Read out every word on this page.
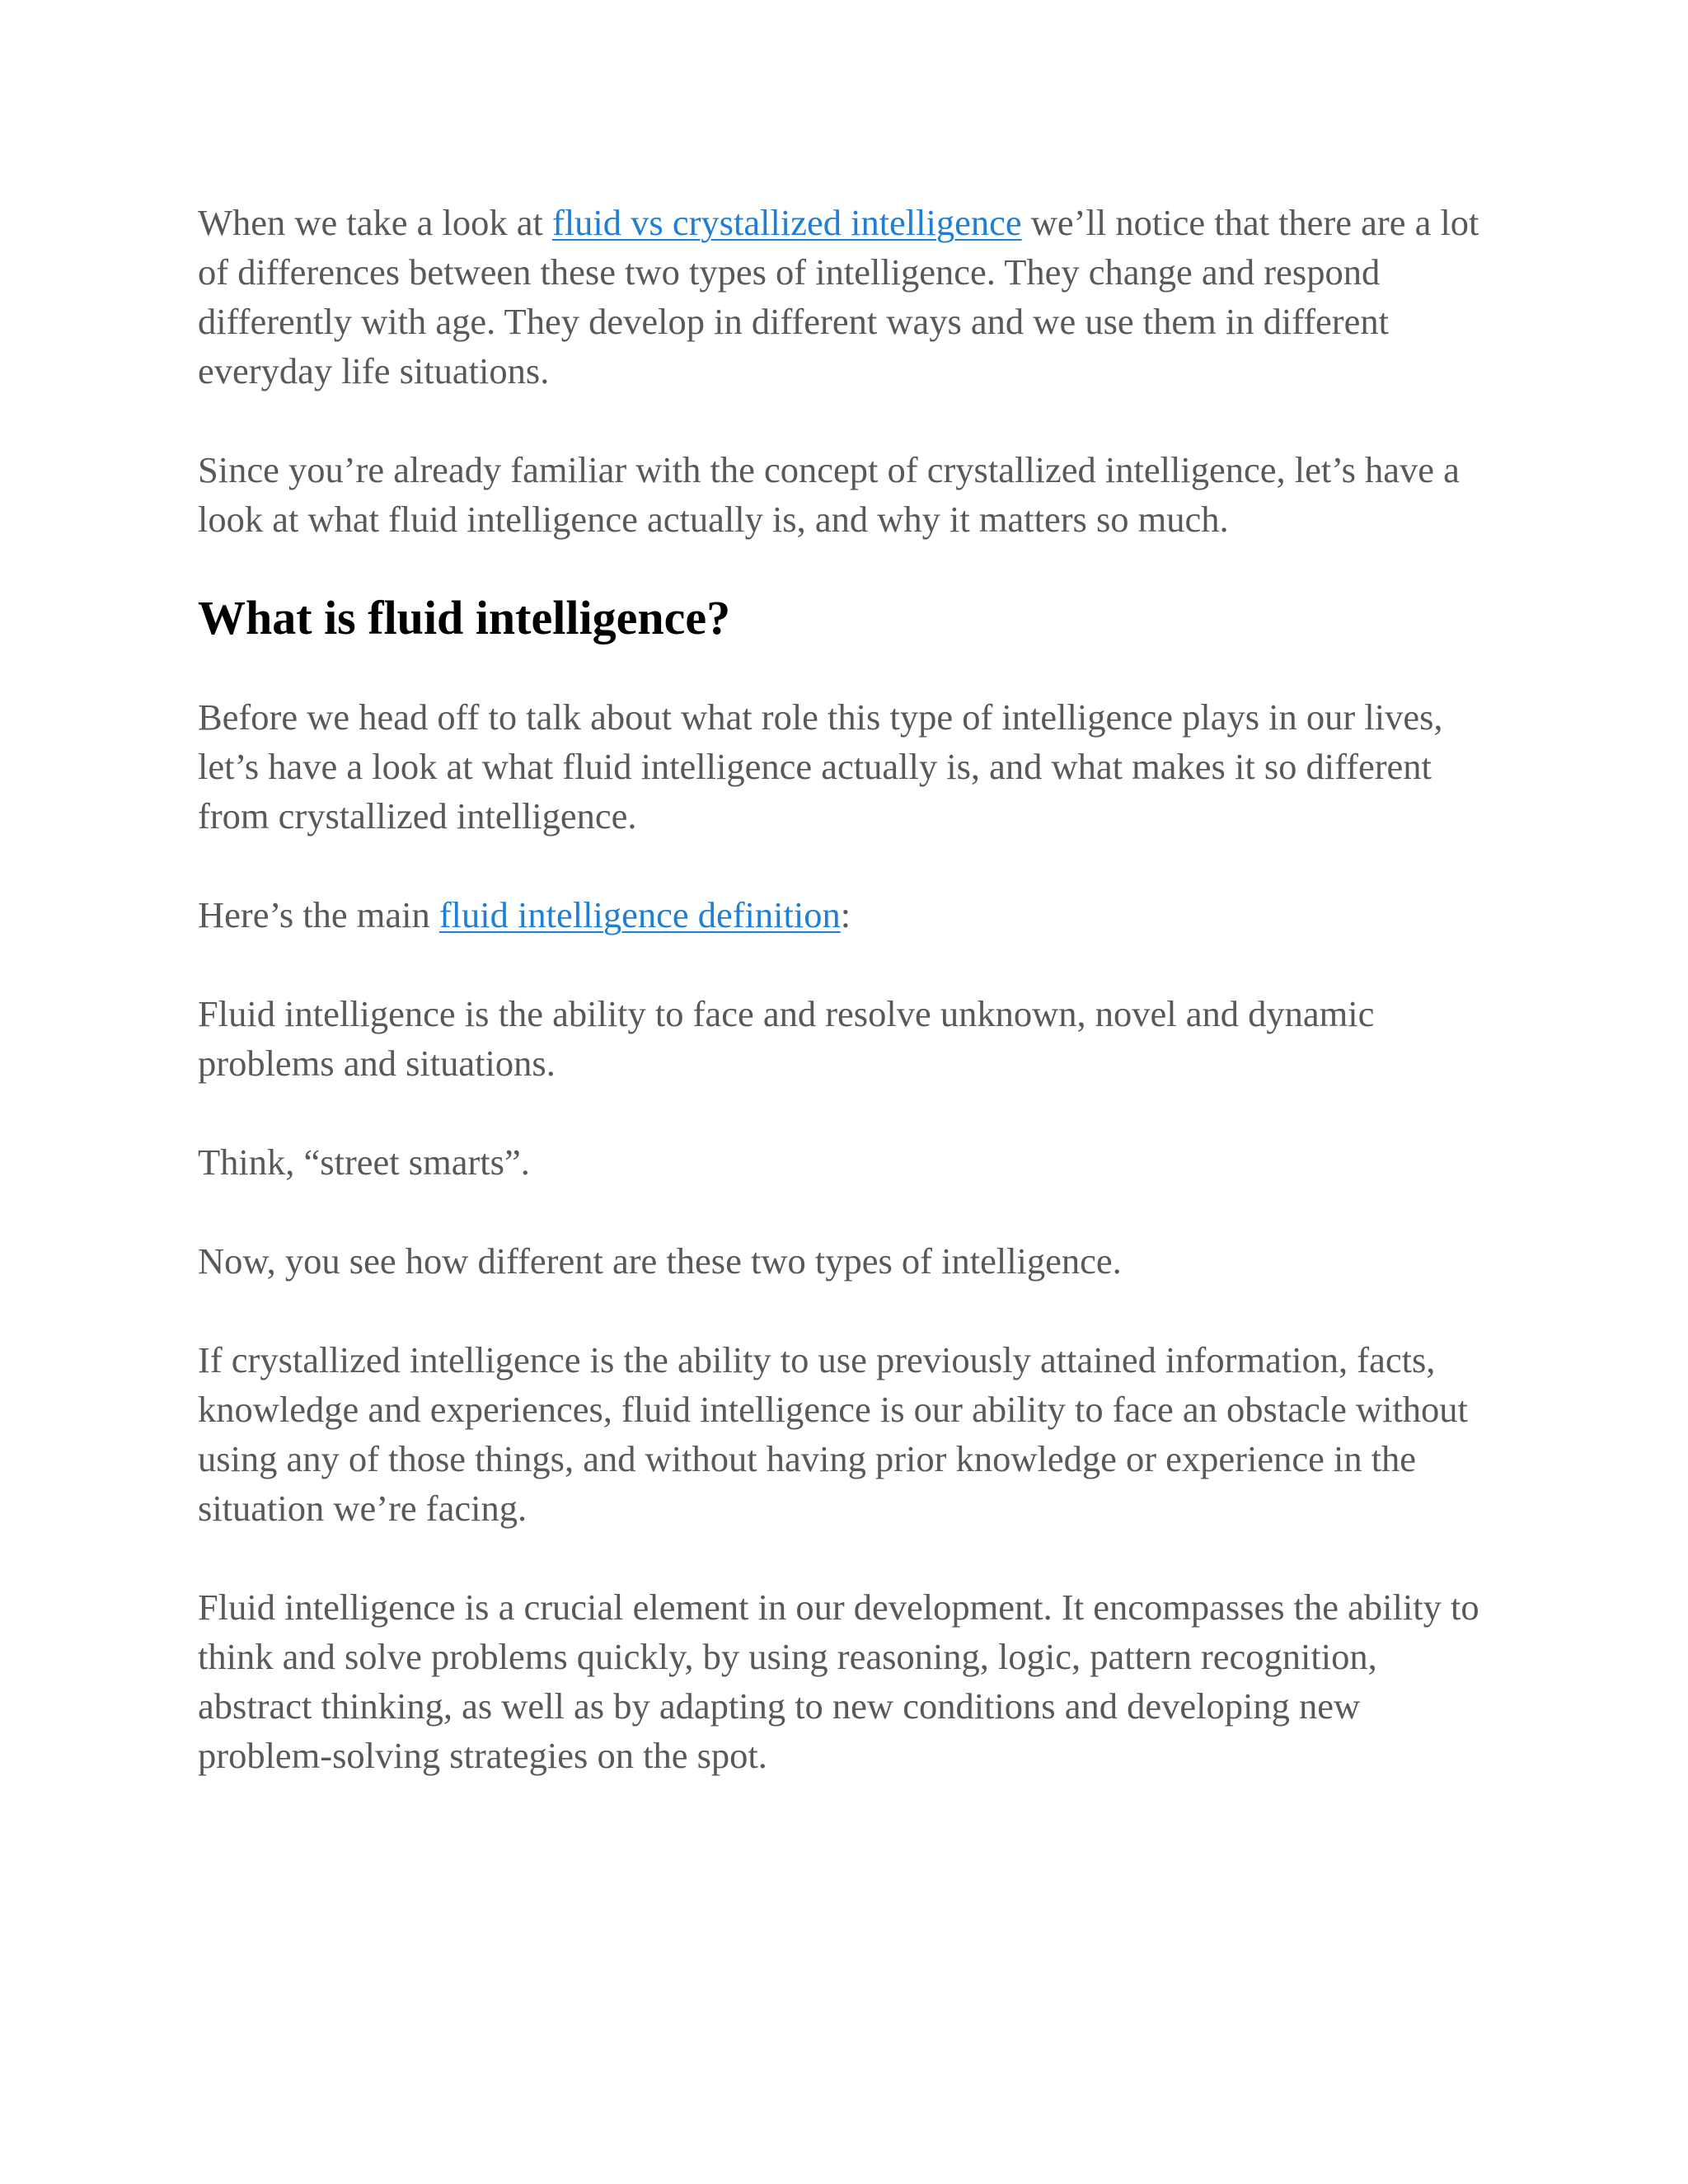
When we take a look at fluid vs crystallized intelligence we’ll notice that there are a lot of differences between these two types of intelligence. They change and respond differently with age. They develop in different ways and we use them in different everyday life situations.

Since you’re already familiar with the concept of crystallized intelligence, let’s have a look at what fluid intelligence actually is, and why it matters so much.

What is fluid intelligence?

Before we head off to talk about what role this type of intelligence plays in our lives, let’s have a look at what fluid intelligence actually is, and what makes it so different from crystallized intelligence.

Here’s the main fluid intelligence definition:

Fluid intelligence is the ability to face and resolve unknown, novel and dynamic problems and situations.

Think, “street smarts”.

Now, you see how different are these two types of intelligence.

If crystallized intelligence is the ability to use previously attained information, facts, knowledge and experiences, fluid intelligence is our ability to face an obstacle without using any of those things, and without having prior knowledge or experience in the situation we’re facing.

Fluid intelligence is a crucial element in our development. It encompasses the ability to think and solve problems quickly, by using reasoning, logic, pattern recognition, abstract thinking, as well as by adapting to new conditions and developing new problem-solving strategies on the spot.
